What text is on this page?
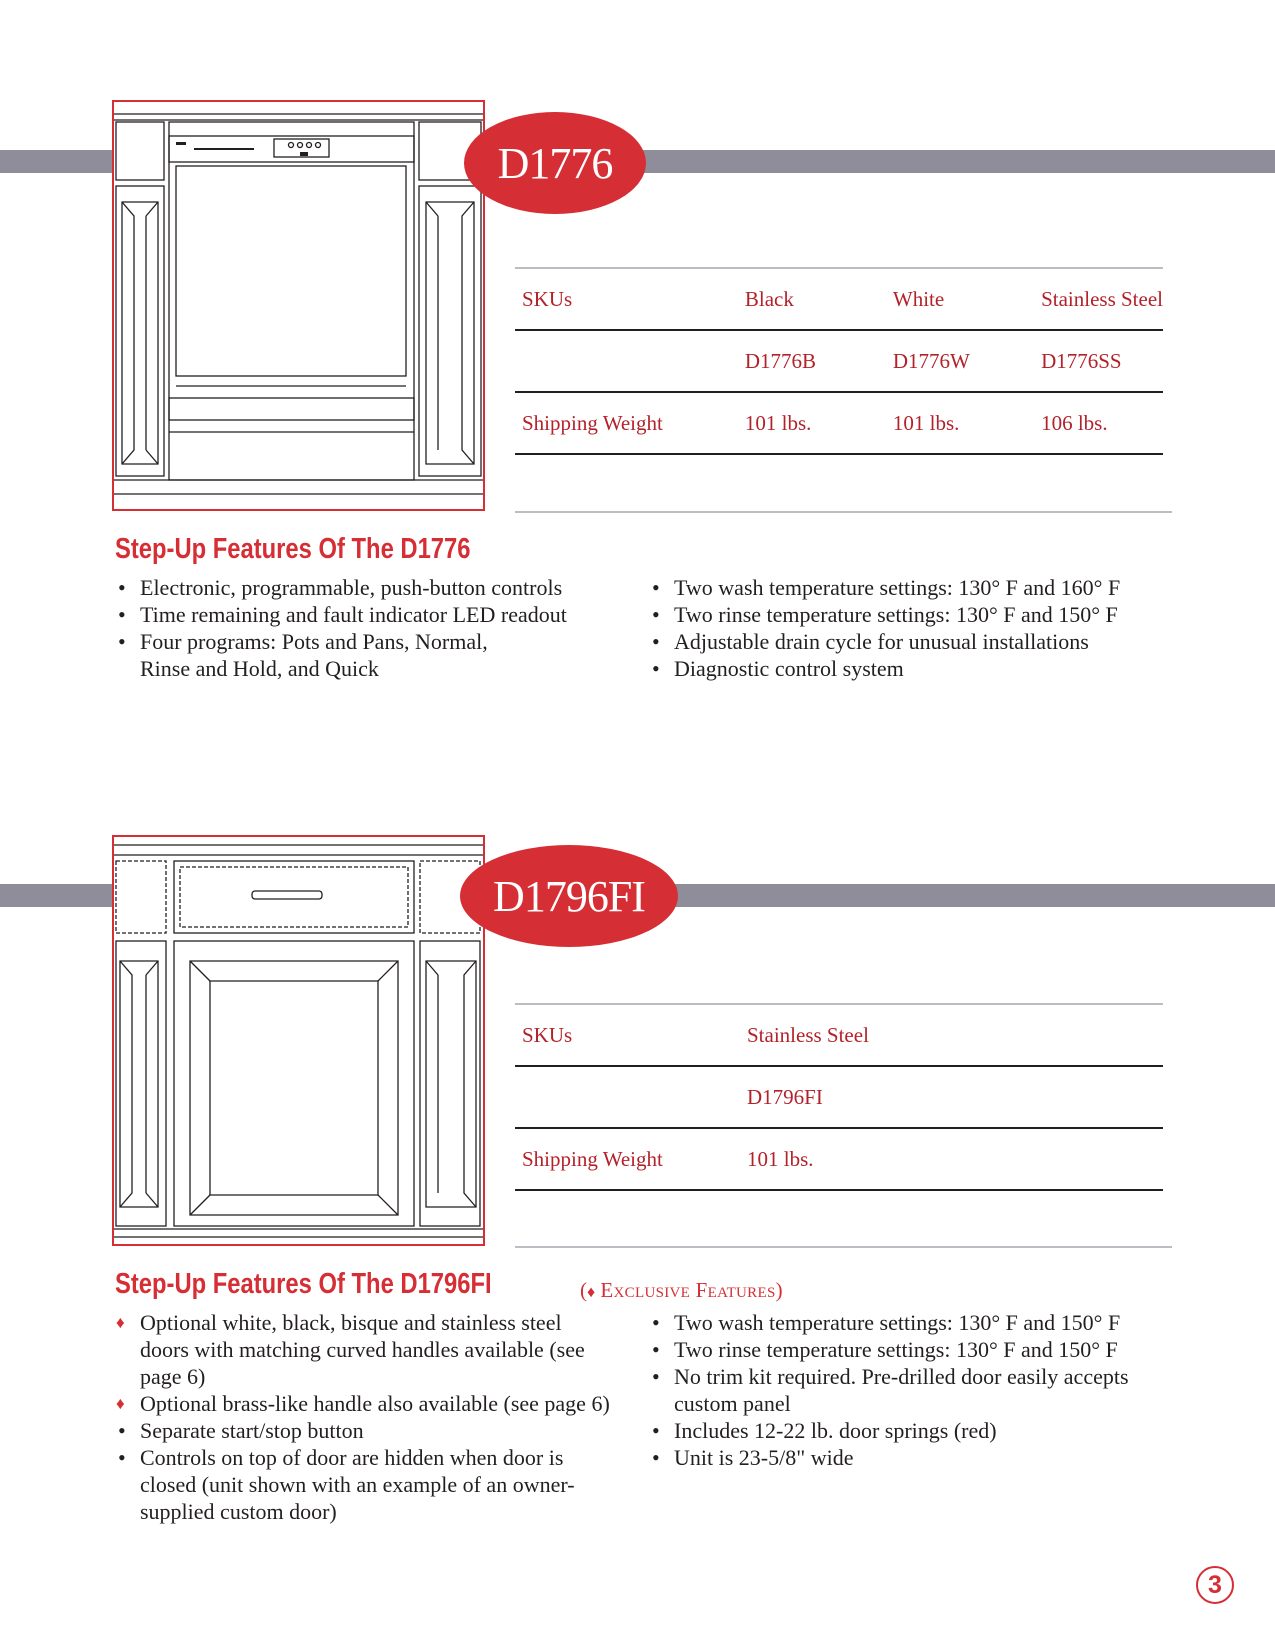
D1776
SKUs	Black	White	Stainless Steel
	D1776B	D1776W	D1776SS
Shipping Weight	101 lbs.	101 lbs.	106 lbs.
Step-Up Features Of The D1776
• Electronic, programmable, push-button controls
• Time remaining and fault indicator LED readout
• Four programs: Pots and Pans, Normal, Rinse and Hold, and Quick
• Two wash temperature settings: 130° F and 160° F
• Two rinse temperature settings: 130° F and 150° F
• Adjustable drain cycle for unusual installations
• Diagnostic control system
D1796FI
SKUs	Stainless Steel
	D1796FI
Shipping Weight	101 lbs.
Step-Up Features Of The D1796FI	(♦ Exclusive Features)
♦ Optional white, black, bisque and stainless steel doors with matching curved handles available (see page 6)
♦ Optional brass-like handle also available (see page 6)
• Separate start/stop button
• Controls on top of door are hidden when door is closed (unit shown with an example of an owner-supplied custom door)
• Two wash temperature settings: 130° F and 150° F
• Two rinse temperature settings: 130° F and 150° F
• No trim kit required. Pre-drilled door easily accepts custom panel
• Includes 12-22 lb. door springs (red)
• Unit is 23-5/8" wide
3
